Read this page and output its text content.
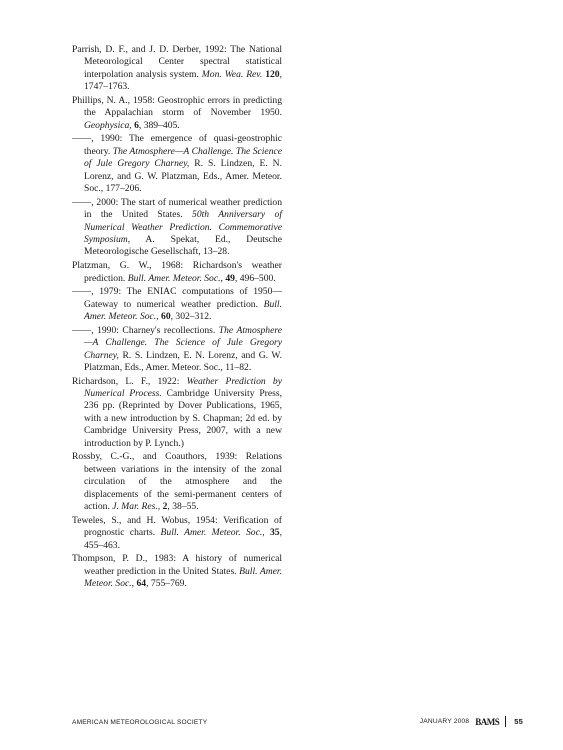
Parrish, D. F., and J. D. Derber, 1992: The National Meteorological Center spectral statistical interpolation analysis system. Mon. Wea. Rev. 120, 1747–1763.

Phillips, N. A., 1958: Geostrophic errors in predicting the Appalachian storm of November 1950. Geophysica, 6, 389–405.

——, 1990: The emergence of quasi-geostrophic theory. The Atmosphere—A Challenge. The Science of Jule Gregory Charney, R. S. Lindzen, E. N. Lorenz, and G. W. Platzman, Eds., Amer. Meteor. Soc., 177–206.

——, 2000: The start of numerical weather prediction in the United States. 50th Anniversary of Numerical Weather Prediction. Commemorative Symposium, A. Spekat, Ed., Deutsche Meteorologische Gesellschaft, 13–28.

Platzman, G. W., 1968: Richardson's weather prediction. Bull. Amer. Meteor. Soc., 49, 496–500.

——, 1979: The ENIAC computations of 1950—Gateway to numerical weather prediction. Bull. Amer. Meteor. Soc., 60, 302–312.

——, 1990: Charney's recollections. The Atmosphere—A Challenge. The Science of Jule Gregory Charney, R. S. Lindzen, E. N. Lorenz, and G. W. Platzman, Eds., Amer. Meteor. Soc., 11–82.

Richardson, L. F., 1922: Weather Prediction by Numerical Process. Cambridge University Press, 236 pp. (Reprinted by Dover Publications, 1965, with a new introduction by S. Chapman; 2d ed. by Cambridge University Press, 2007, with a new introduction by P. Lynch.)

Rossby, C.-G., and Coauthors, 1939: Relations between variations in the intensity of the zonal circulation of the atmosphere and the displacements of the semi-permanent centers of action. J. Mar. Res., 2, 38–55.

Teweles, S., and H. Wobus, 1954: Verification of prognostic charts. Bull. Amer. Meteor. Soc., 35, 455–463.

Thompson, P. D., 1983: A history of numerical weather prediction in the United States. Bull. Amer. Meteor. Soc., 64, 755–769.

AMERICAN METEOROLOGICAL SOCIETY	JANUARY 2008 BAMS 55
